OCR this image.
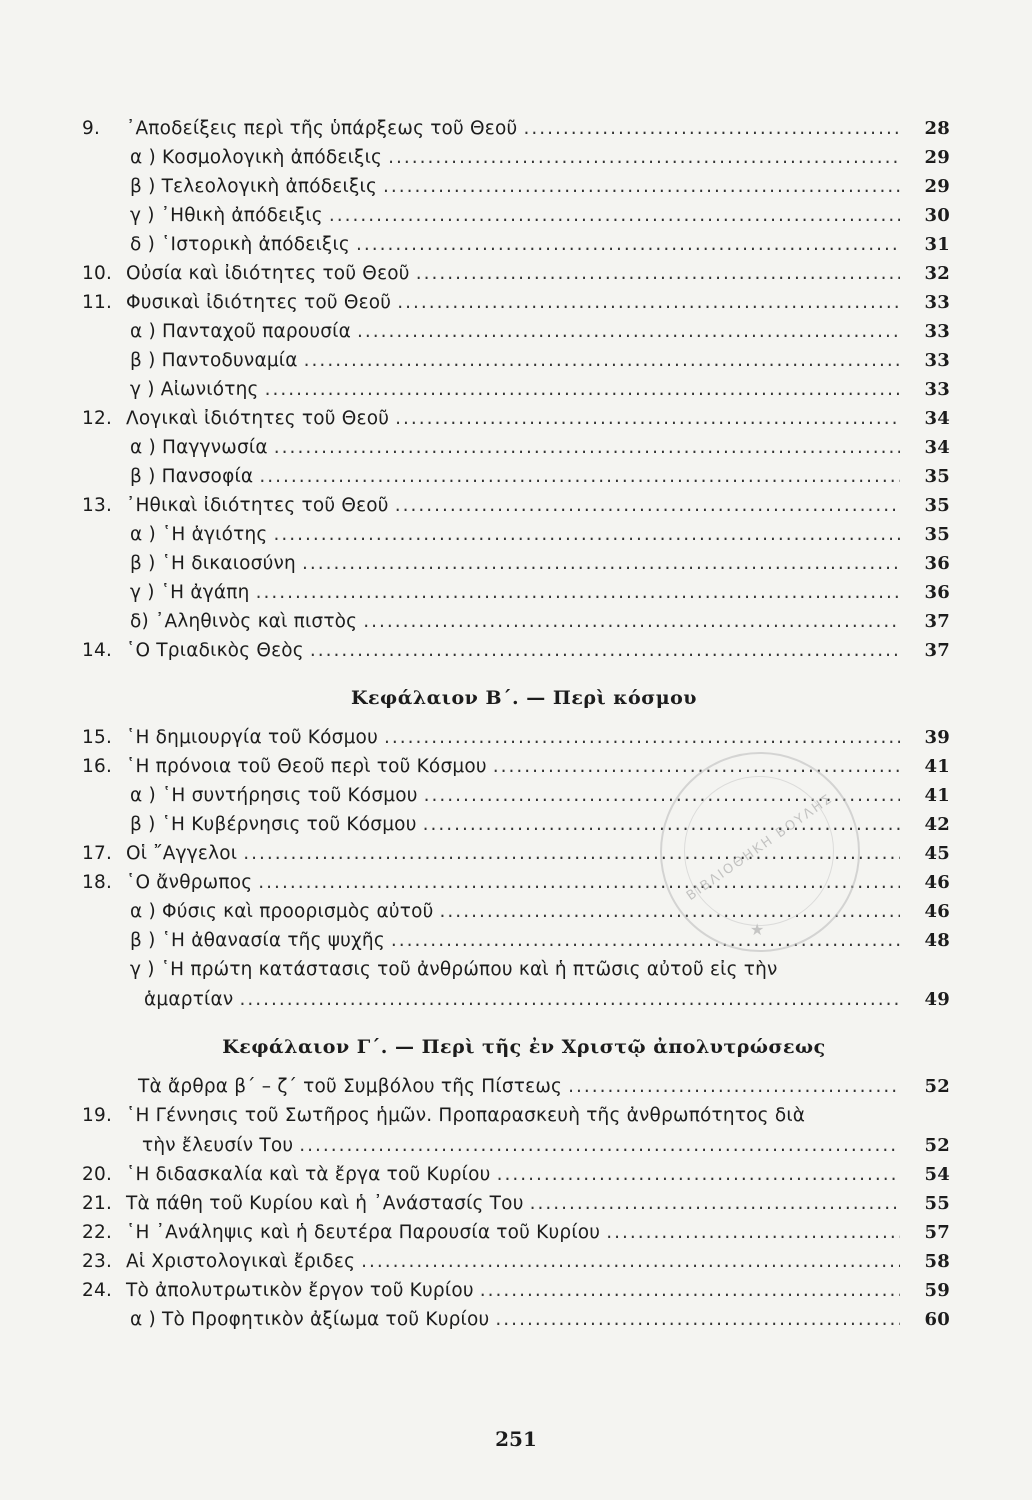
9.	᾿Αποδείξεις περὶ τῆς ὑπάρξεως τοῦ Θεοῦ .....	28
α ) Κοσμολογικὴ ἀπόδειξις .....	29
β ) Τελεολογικὴ ἀπόδειξις .....	29
γ ) ᾿Ηθικὴ ἀπόδειξις .....	30
δ ) ῾Ιστορικὴ ἀπόδειξις .....	31
10. Οὐσία καὶ ἰδιότητες τοῦ Θεοῦ .....	32
11. Φυσικαὶ ἰδιότητες τοῦ Θεοῦ .....	33
α ) Πανταχοῦ παρουσία .....	33
β ) Παντοδυναμία .....	33
γ ) Αἰωνιότης .....	33
12. Λογικαὶ ἰδιότητες τοῦ Θεοῦ .....	34
α ) Παγγνωσία .....	34
β ) Πανσοφία .....	35
13. ᾿Ηθικαὶ ἰδιότητες τοῦ Θεοῦ .....	35
α ) ῾Η ἁγιότης .....	35
β ) ῾Η δικαιοσύνη .....	36
γ ) ῾Η ἀγάπη .....	36
δ) ᾿Αληθινὸς καὶ πιστὸς .....	37
14. ῾Ο Τριαδικὸς Θεὸς .....	37
Κεφάλαιον Β΄. — Περὶ κόσμου
15. ῾Η δημιουργία τοῦ Κόσμου .....	39
16. ῾Η πρόνοια τοῦ Θεοῦ περὶ τοῦ Κόσμου .....	41
α ) ῾Η συντήρησις τοῦ Κόσμου .....	41
β ) ῾Η Κυβέρνησις τοῦ Κόσμου .....	42
17. Οἱ ῎Αγγελοι .....	45
18. ῾Ο ἄνθρωπος .....	46
α ) Φύσις καὶ προορισμὸς αὐτοῦ .....	46
β ) ῾Η ἀθανασία τῆς ψυχῆς .....	48
γ ) ῾Η πρώτη κατάστασις τοῦ ἀνθρώπου καὶ ἡ πτῶσις αὐτοῦ εἰς τὴν
ἁμαρτίαν .....	49
Κεφάλαιον Γ΄. — Περὶ τῆς ἐν Χριστῷ ἀπολυτρώσεως
Τὰ ἄρθρα β΄ – ζ΄ τοῦ Συμβόλου τῆς Πίστεως .....	52
19. ῾Η Γέννησις τοῦ Σωτῆρος ἡμῶν. Προπαρασκευὴ τῆς ἀνθρωπότητος διὰ
τὴν ἔλευσίν Του .....	52
20. ῾Η διδασκαλία καὶ τὰ ἔργα τοῦ Κυρίου .....	54
21. Τὰ πάθη τοῦ Κυρίου καὶ ἡ ᾿Ανάστασίς Του .....	55
22. ῾Η ᾿Ανάληψις καὶ ἡ δευτέρα Παρουσία τοῦ Κυρίου .....	57
23. Αἱ Χριστολογικαὶ ἔριδες .....	58
24. Τὸ ἀπολυτρωτικὸν ἔργον τοῦ Κυρίου .....	59
α ) Τὸ Προφητικὸν ἀξίωμα τοῦ Κυρίου .....	60
ΒΙΒΛΙΟΘΗΚΗ ΒΟΥΛΗΣ
★
251
